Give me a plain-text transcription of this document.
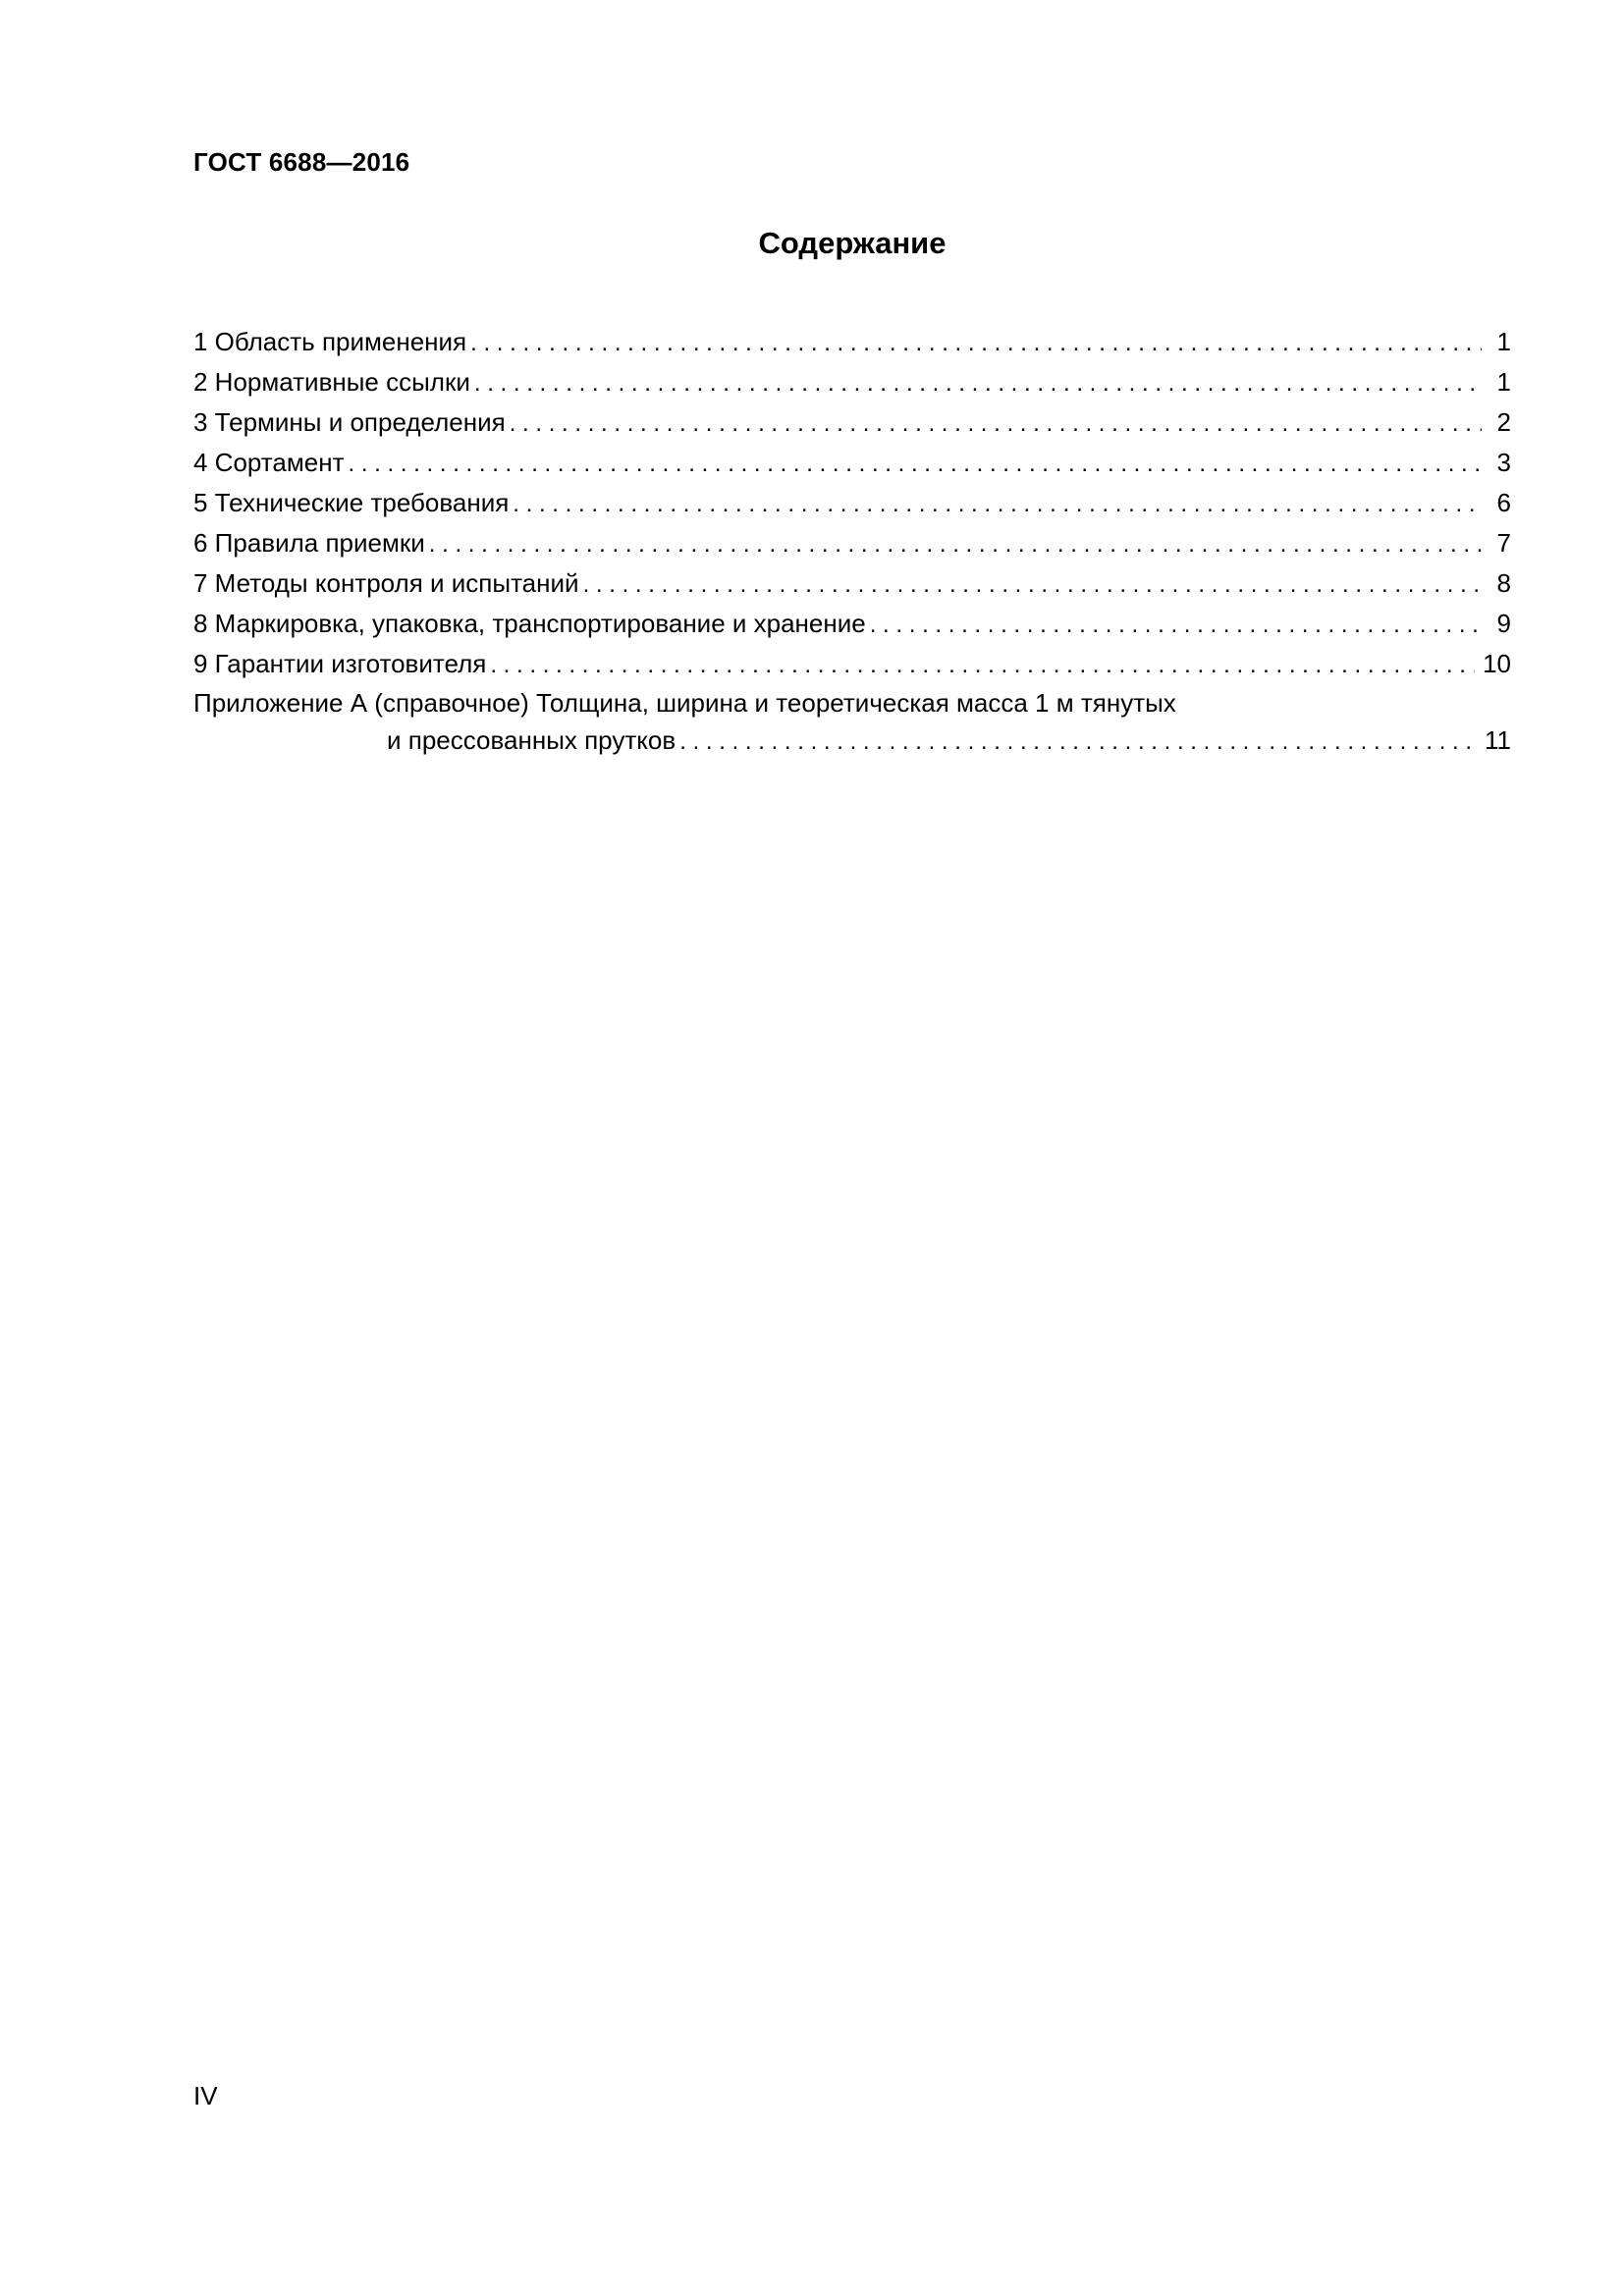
ГОСТ 6688—2016
Содержание
1 Область применения . . .	1
2 Нормативные ссылки . . .	1
3 Термины и определения . . .	2
4 Сортамент . . .	3
5 Технические требования . . .	6
6 Правила приемки . . .	7
7 Методы контроля и испытаний . . .	8
8 Маркировка, упаковка, транспортирование и хранение . . .	9
9 Гарантии изготовителя . . .	10
Приложение А (справочное) Толщина, ширина и теоретическая масса 1 м тянутых
и прессованных прутков . . .	11
IV
